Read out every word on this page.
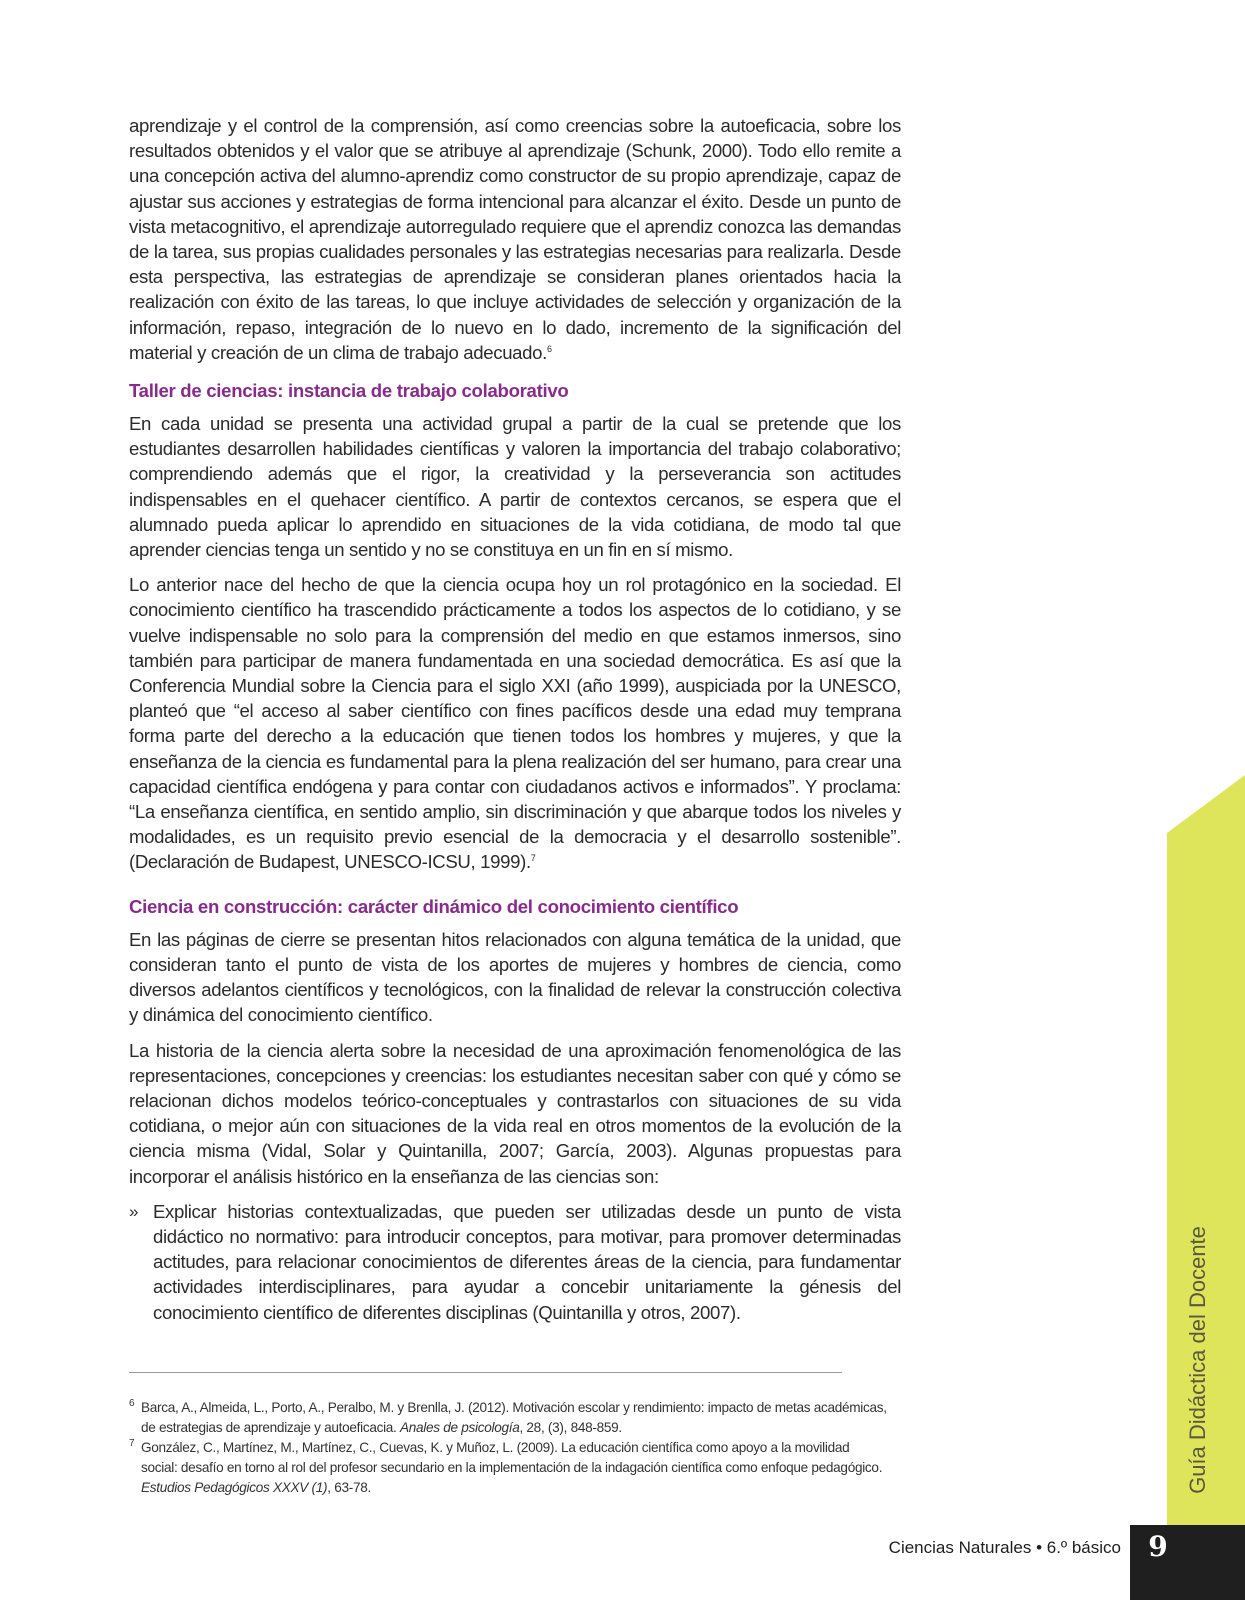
aprendizaje y el control de la comprensión, así como creencias sobre la autoeficacia, sobre los resultados obtenidos y el valor que se atribuye al aprendizaje (Schunk, 2000). Todo ello remite a una concepción activa del alumno-aprendiz como constructor de su propio aprendizaje, capaz de ajustar sus acciones y estrategias de forma intencional para alcanzar el éxito. Desde un punto de vista metacognitivo, el aprendizaje autorregulado requiere que el aprendiz conozca las demandas de la tarea, sus propias cualidades personales y las estrategias necesarias para realizarla. Desde esta perspectiva, las estrategias de aprendizaje se consideran planes orientados hacia la realización con éxito de las tareas, lo que incluye actividades de selección y organización de la información, repaso, integración de lo nuevo en lo dado, incremento de la significación del material y creación de un clima de trabajo adecuado.$^6$

Taller de ciencias: instancia de trabajo colaborativo

En cada unidad se presenta una actividad grupal a partir de la cual se pretende que los estudiantes desarrollen habilidades científicas y valoren la importancia del trabajo colaborativo; comprendiendo además que el rigor, la creatividad y la perseverancia son actitudes indispensables en el quehacer científico. A partir de contextos cercanos, se espera que el alumnado pueda aplicar lo aprendido en situaciones de la vida cotidiana, de modo tal que aprender ciencias tenga un sentido y no se constituya en un fin en sí mismo.

Lo anterior nace del hecho de que la ciencia ocupa hoy un rol protagónico en la sociedad. El conocimiento científico ha trascendido prácticamente a todos los aspectos de lo cotidiano, y se vuelve indispensable no solo para la comprensión del medio en que estamos inmersos, sino también para participar de manera fundamentada en una sociedad democrática. Es así que la Conferencia Mundial sobre la Ciencia para el siglo XXI (año 1999), auspiciada por la UNESCO, planteó que “el acceso al saber científico con fines pacíficos desde una edad muy temprana forma parte del derecho a la educación que tienen todos los hombres y mujeres, y que la enseñanza de la ciencia es fundamental para la plena realización del ser humano, para crear una capacidad científica endógena y para contar con ciudadanos activos e informados”. Y proclama: “La enseñanza científica, en sentido amplio, sin discriminación y que abarque todos los niveles y modalidades, es un requisito previo esencial de la democracia y el desarrollo sostenible”. (Declaración de Budapest, UNESCO-ICSU, 1999).$^7$

Ciencia en construcción: carácter dinámico del conocimiento científico

En las páginas de cierre se presentan hitos relacionados con alguna temática de la unidad, que consideran tanto el punto de vista de los aportes de mujeres y hombres de ciencia, como diversos adelantos científicos y tecnológicos, con la finalidad de relevar la construcción colectiva y dinámica del conocimiento científico.

La historia de la ciencia alerta sobre la necesidad de una aproximación fenomenológica de las representaciones, concepciones y creencias: los estudiantes necesitan saber con qué y cómo se relacionan dichos modelos teórico-conceptuales y contrastarlos con situaciones de su vida cotidiana, o mejor aún con situaciones de la vida real en otros momentos de la evolución de la ciencia misma (Vidal, Solar y Quintanilla, 2007; García, 2003). Algunas propuestas para incorporar el análisis histórico en la enseñanza de las ciencias son:

» Explicar historias contextualizadas, que pueden ser utilizadas desde un punto de vista didáctico no normativo: para introducir conceptos, para motivar, para promover determinadas actitudes, para relacionar conocimientos de diferentes áreas de la ciencia, para fundamentar actividades interdisciplinares, para ayudar a concebir unitariamente la génesis del conocimiento científico de diferentes disciplinas (Quintanilla y otros, 2007).
6 Barca, A., Almeida, L., Porto, A., Peralbo, M. y Brenlla, J. (2012). Motivación escolar y rendimiento: impacto de metas académicas, de estrategias de aprendizaje y autoeficacia. Anales de psicología, 28, (3), 848-859.
7 González, C., Martínez, M., Martínez, C., Cuevas, K. y Muñoz, L. (2009). La educación científica como apoyo a la movilidad social: desafío en torno al rol del profesor secundario en la implementación de la indagación científica como enfoque pedagógico. Estudios Pedagógicos XXXV (1), 63-78.	Guía Didáctica del Docente
Ciencias Naturales • 6.º básico 9
